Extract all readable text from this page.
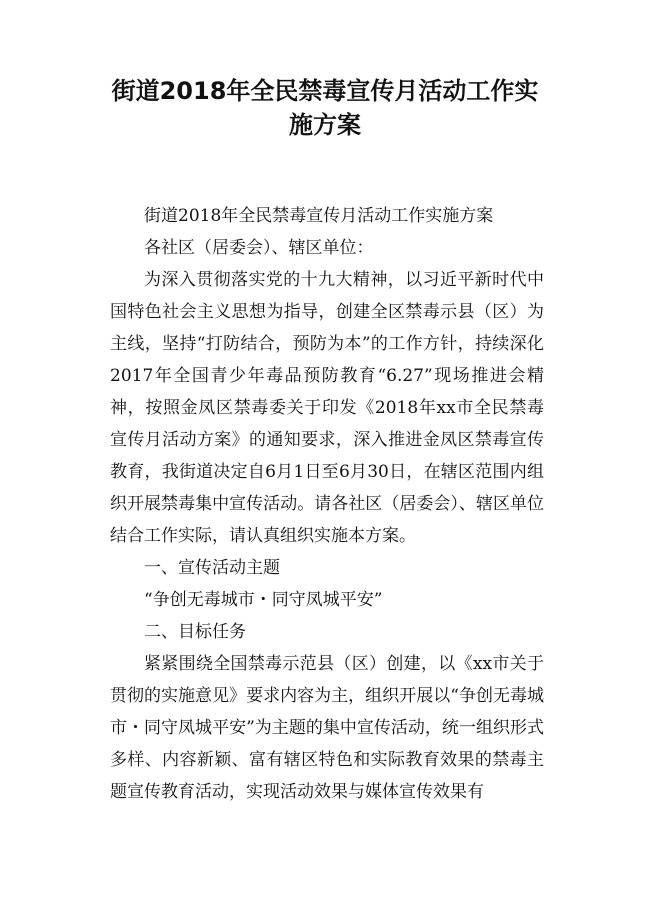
街道2018年全民禁毒宣传月活动工作实
施方案

街道2018年全民禁毒宣传月活动工作实施方案

各社区（居委会）、辖区单位：

为深入贯彻落实党的十九大精神，以习近平新时代中国特色社会主义思想为指导，创建全区禁毒示县（区）为主线，坚持“打防结合，预防为本”的工作方针，持续深化2017年全国青少年毒品预防教育“6.27”现场推进会精神，按照金凤区禁毒委关于印发《2018年xx市全民禁毒宣传月活动方案》的通知要求，深入推进金凤区禁毒宣传教育，我街道决定自6月1日至6月30日，在辖区范围内组织开展禁毒集中宣传活动。请各社区（居委会）、辖区单位结合工作实际，请认真组织实施本方案。

一、宣传活动主题

“争创无毒城市・同守凤城平安”

二、目标任务

紧紧围绕全国禁毒示范县（区）创建，以《xx市关于贯彻的实施意见》要求内容为主，组织开展以“争创无毒城市・同守凤城平安”为主题的集中宣传活动，统一组织形式多样、内容新颖、富有辖区特色和实际教育效果的禁毒主题宣传教育活动，实现活动效果与媒体宣传效果有
